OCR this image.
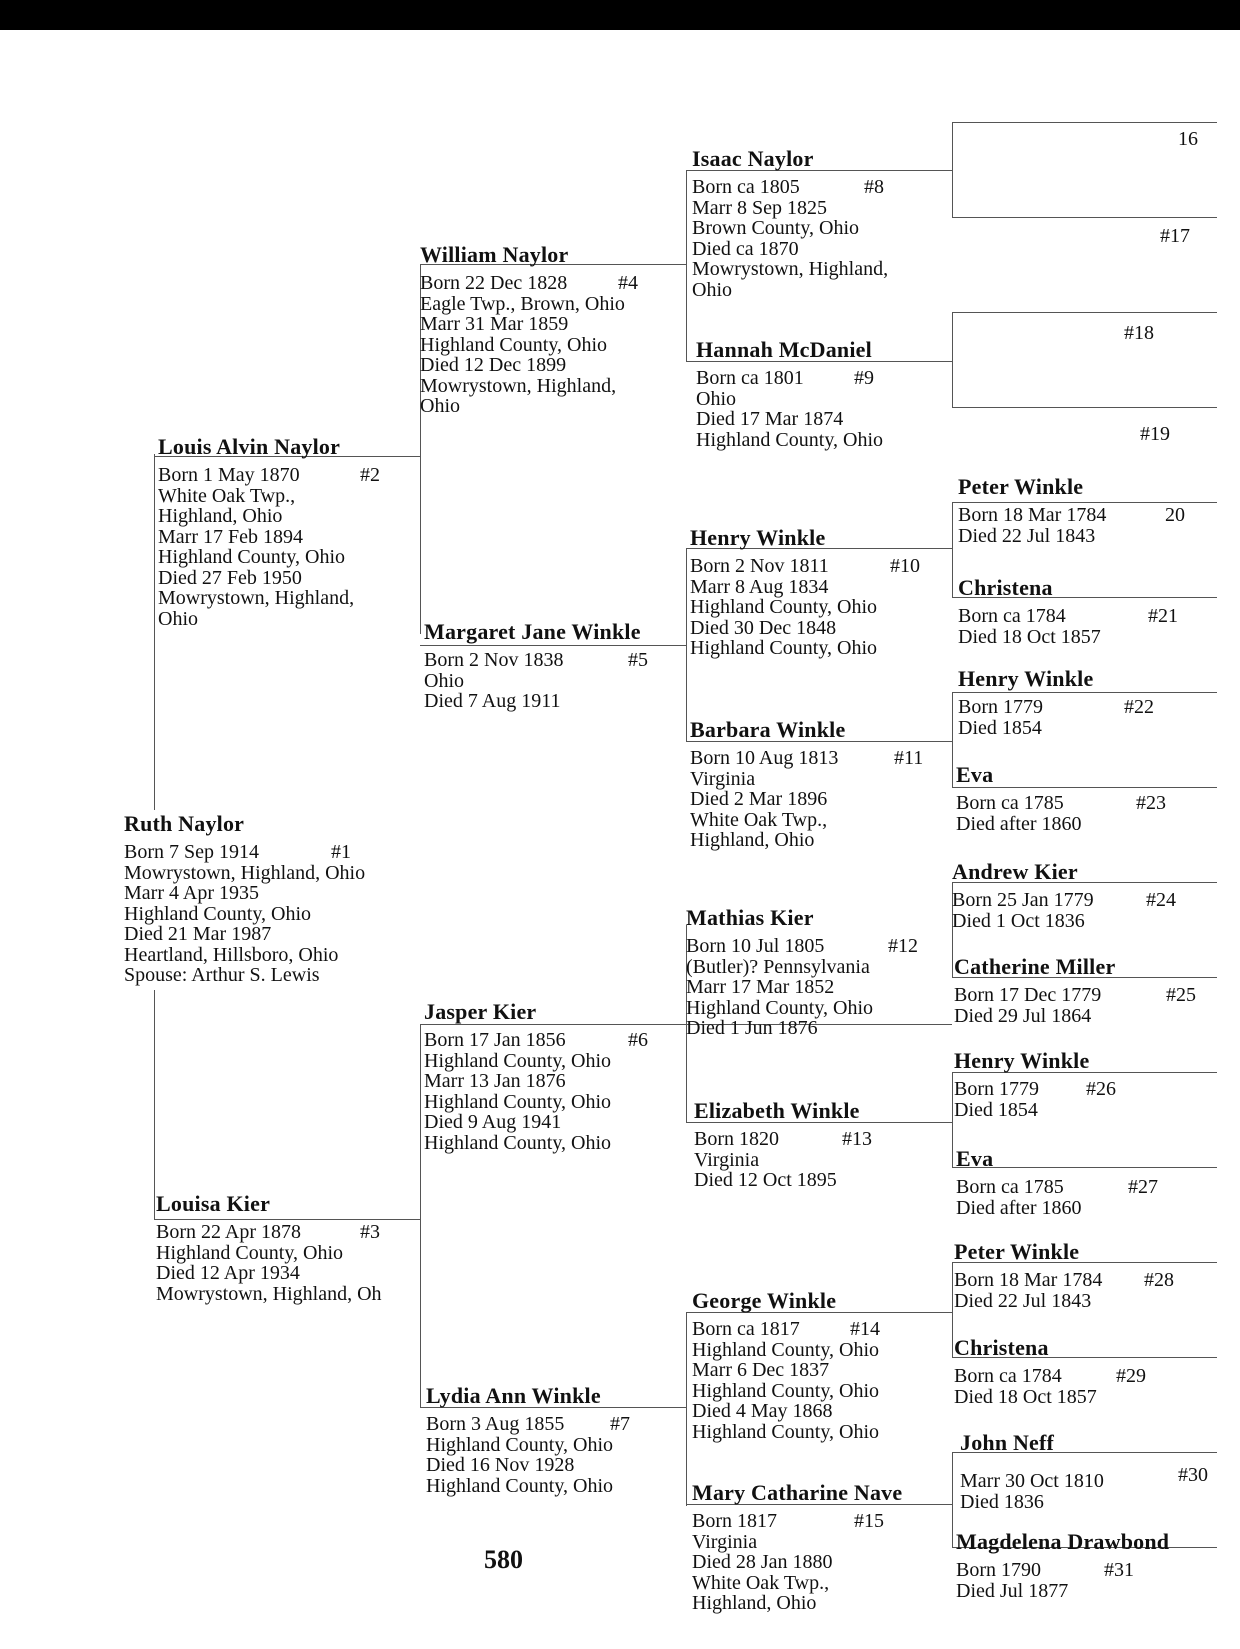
16
#17
#18
#19
Ruth Naylor
Born 7 Sep 1914	#1
Mowrystown, Highland, Ohio
Marr 4 Apr 1935
Highland County, Ohio
Died 21 Mar 1987
Heartland, Hillsboro, Ohio
Spouse: Arthur S. Lewis
Louis Alvin Naylor
Born 1 May 1870	#2
White Oak Twp.,
Highland, Ohio
Marr 17 Feb 1894
Highland County, Ohio
Died 27 Feb 1950
Mowrystown, Highland,
Ohio
Louisa Kier
Born 22 Apr 1878	#3
Highland County, Ohio
Died 12 Apr 1934
Mowrystown, Highland, Oh
William Naylor
Born 22 Dec 1828	#4
Eagle Twp., Brown, Ohio
Marr 31 Mar 1859
Highland County, Ohio
Died 12 Dec 1899
Mowrystown, Highland,
Ohio
Margaret Jane Winkle
Born 2 Nov 1838	#5
Ohio
Died 7 Aug 1911
Jasper Kier
Born 17 Jan 1856	#6
Highland County, Ohio
Marr 13 Jan 1876
Highland County, Ohio
Died 9 Aug 1941
Highland County, Ohio
Lydia Ann Winkle
Born 3 Aug 1855 #7
Highland County, Ohio
Died 16 Nov 1928
Highland County, Ohio
Isaac Naylor
Born ca 1805	#8
Marr 8 Sep 1825
Brown County, Ohio
Died ca 1870
Mowrystown, Highland,
Ohio
Hannah McDaniel
Born ca 1801	#9
Ohio
Died 17 Mar 1874
Highland County, Ohio
Henry Winkle
Born 2 Nov 1811	#10
Marr 8 Aug 1834
Highland County, Ohio
Died 30 Dec 1848
Highland County, Ohio
Barbara Winkle
Born 10 Aug 1813	#11
Virginia
Died 2 Mar 1896
White Oak Twp.,
Highland, Ohio
Mathias Kier
Born 10 Jul 1805	#12
(Butler)? Pennsylvania
Marr 17 Mar 1852
Highland County, Ohio
Died 1 Jun 1876
Elizabeth Winkle
Born 1820	#13
Virginia
Died 12 Oct 1895
George Winkle
Born ca 1817	#14
Highland County, Ohio
Marr 6 Dec 1837
Highland County, Ohio
Died 4 May 1868
Highland County, Ohio
Mary Catharine Nave
Born 1817	#15
Virginia
Died 28 Jan 1880
White Oak Twp.,
Highland, Ohio
Peter Winkle
Born 18 Mar 1784	20
Died 22 Jul 1843
Christena
Born ca 1784	#21
Died 18 Oct 1857
Henry Winkle
Born 1779	#22
Died 1854
Eva
Born ca 1785	#23
Died after 1860
Andrew Kier
Born 25 Jan 1779	#24
Died 1 Oct 1836
Catherine Miller
Born 17 Dec 1779	#25
Died 29 Jul 1864
Henry Winkle
Born 1779 #26
Died 1854
Eva
Born ca 1785	#27
Died after 1860
Peter Winkle
Born 18 Mar 1784 #28
Died 22 Jul 1843
Christena
Born ca 1784	#29
Died 18 Oct 1857
John Neff
Marr 30 Oct 1810
Died 1836
#30
Magdelena Drawbond
Born 1790	#31
Died Jul 1877
580
